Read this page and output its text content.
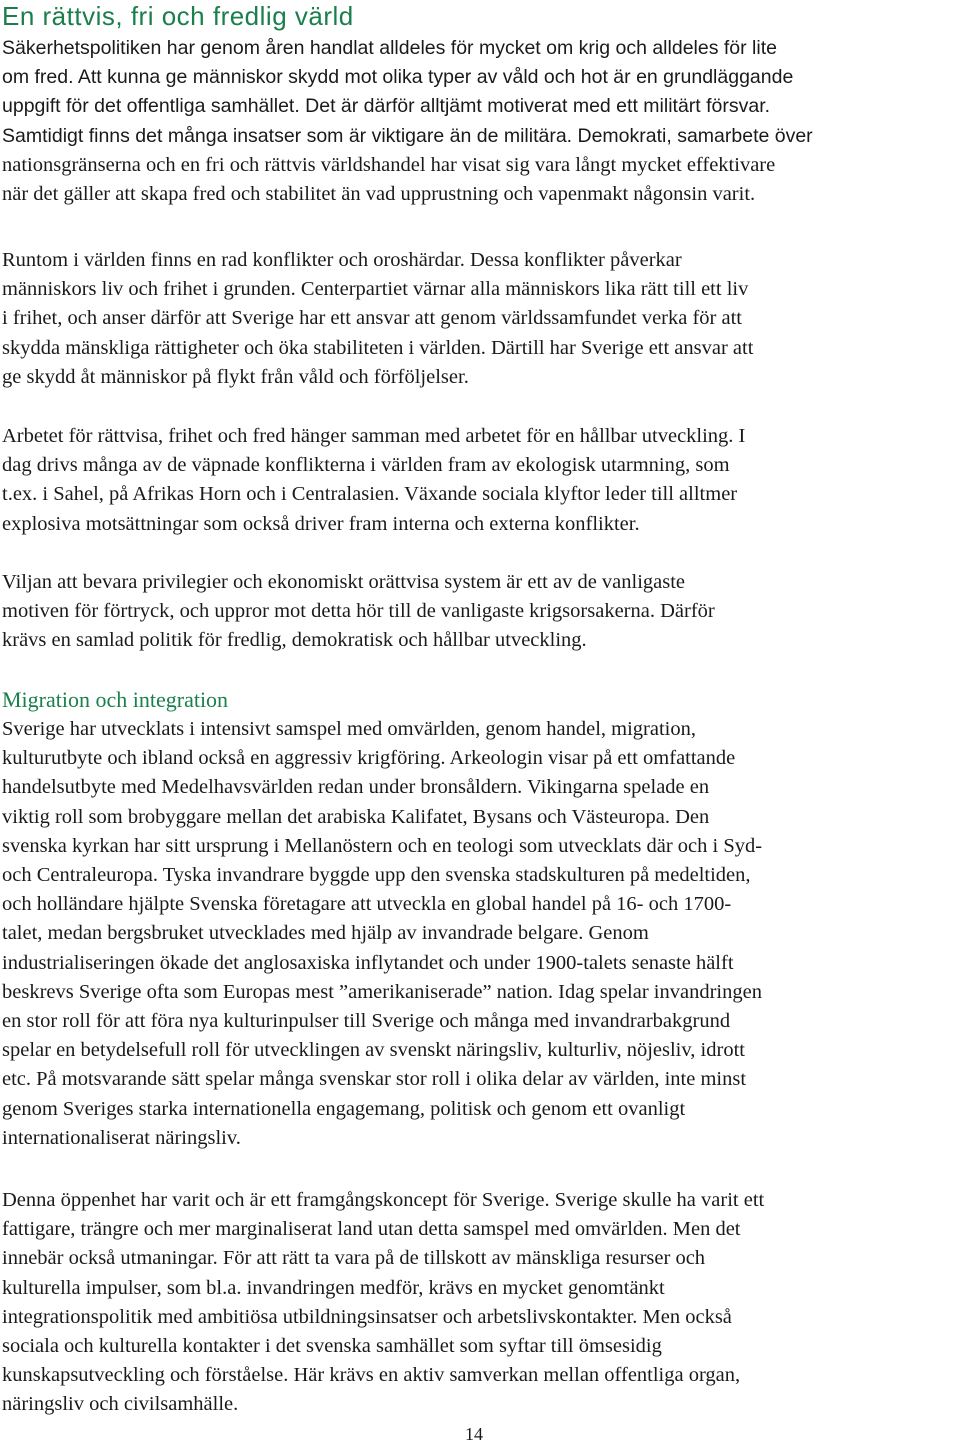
En rättvis, fri och fredlig värld

Säkerhetspolitiken har genom åren handlat alldeles för mycket om krig och alldeles för lite
om fred. Att kunna ge människor skydd mot olika typer av våld och hot är en grundläggande
uppgift för det offentliga samhället. Det är därför alltjämt motiverat med ett militärt försvar.
Samtidigt finns det många insatser som är viktigare än de militära. Demokrati, samarbete över
nationsgränserna och en fri och rättvis världshandel har visat sig vara långt mycket effektivare
när det gäller att skapa fred och stabilitet än vad upprustning och vapenmakt någonsin varit.

Runtom i världen finns en rad konflikter och oroshärdar. Dessa konflikter påverkar
människors liv och frihet i grunden. Centerpartiet värnar alla människors lika rätt till ett liv
i frihet, och anser därför att Sverige har ett ansvar att genom världssamfundet verka för att
skydda mänskliga rättigheter och öka stabiliteten i världen. Därtill har Sverige ett ansvar att
ge skydd åt människor på flykt från våld och förföljelser.

Arbetet för rättvisa, frihet och fred hänger samman med arbetet för en hållbar utveckling. I
dag drivs många av de väpnade konflikterna i världen fram av ekologisk utarmning, som
t.ex. i Sahel, på Afrikas Horn och i Centralasien. Växande sociala klyftor leder till alltmer
explosiva motsättningar som också driver fram interna och externa konflikter.

Viljan att bevara privilegier och ekonomiskt orättvisa system är ett av de vanligaste
motiven för förtryck, och uppror mot detta hör till de vanligaste krigsorsakerna. Därför
krävs en samlad politik för fredlig, demokratisk och hållbar utveckling.

Migration och integration

Sverige har utvecklats i intensivt samspel med omvärlden, genom handel, migration,
kulturutbyte och ibland också en aggressiv krigföring. Arkeologin visar på ett omfattande
handelsutbyte med Medelhavsvärlden redan under bronsåldern. Vikingarna spelade en
viktig roll som brobyggare mellan det arabiska Kalifatet, Bysans och Västeuropa. Den
svenska kyrkan har sitt ursprung i Mellanöstern och en teologi som utvecklats där och i Syd-
och Centraleuropa. Tyska invandrare byggde upp den svenska stadskulturen på medeltiden,
och holländare hjälpte Svenska företagare att utveckla en global handel på 16- och 1700-
talet, medan bergsbruket utvecklades med hjälp av invandrade belgare. Genom
industrialiseringen ökade det anglosaxiska inflytandet och under 1900-talets senaste hälft
beskrevs Sverige ofta som Europas mest ”amerikaniserade” nation. Idag spelar invandringen
en stor roll för att föra nya kulturinpulser till Sverige och många med invandrarbakgrund
spelar en betydelsefull roll för utvecklingen av svenskt näringsliv, kulturliv, nöjesliv, idrott
etc. På motsvarande sätt spelar många svenskar stor roll i olika delar av världen, inte minst
genom Sveriges starka internationella engagemang, politisk och genom ett ovanligt
internationaliserat näringsliv.

Denna öppenhet har varit och är ett framgångskoncept för Sverige. Sverige skulle ha varit ett
fattigare, trängre och mer marginaliserat land utan detta samspel med omvärlden. Men det
innebär också utmaningar. För att rätt ta vara på de tillskott av mänskliga resurser och
kulturella impulser, som bl.a. invandringen medför, krävs en mycket genomtänkt
integrationspolitik med ambitiösa utbildningsinsatser och arbetslivskontakter. Men också
sociala och kulturella kontakter i det svenska samhället som syftar till ömsesidig
kunskapsutveckling och förståelse. Här krävs en aktiv samverkan mellan offentliga organ,
näringsliv och civilsamhälle.

14
